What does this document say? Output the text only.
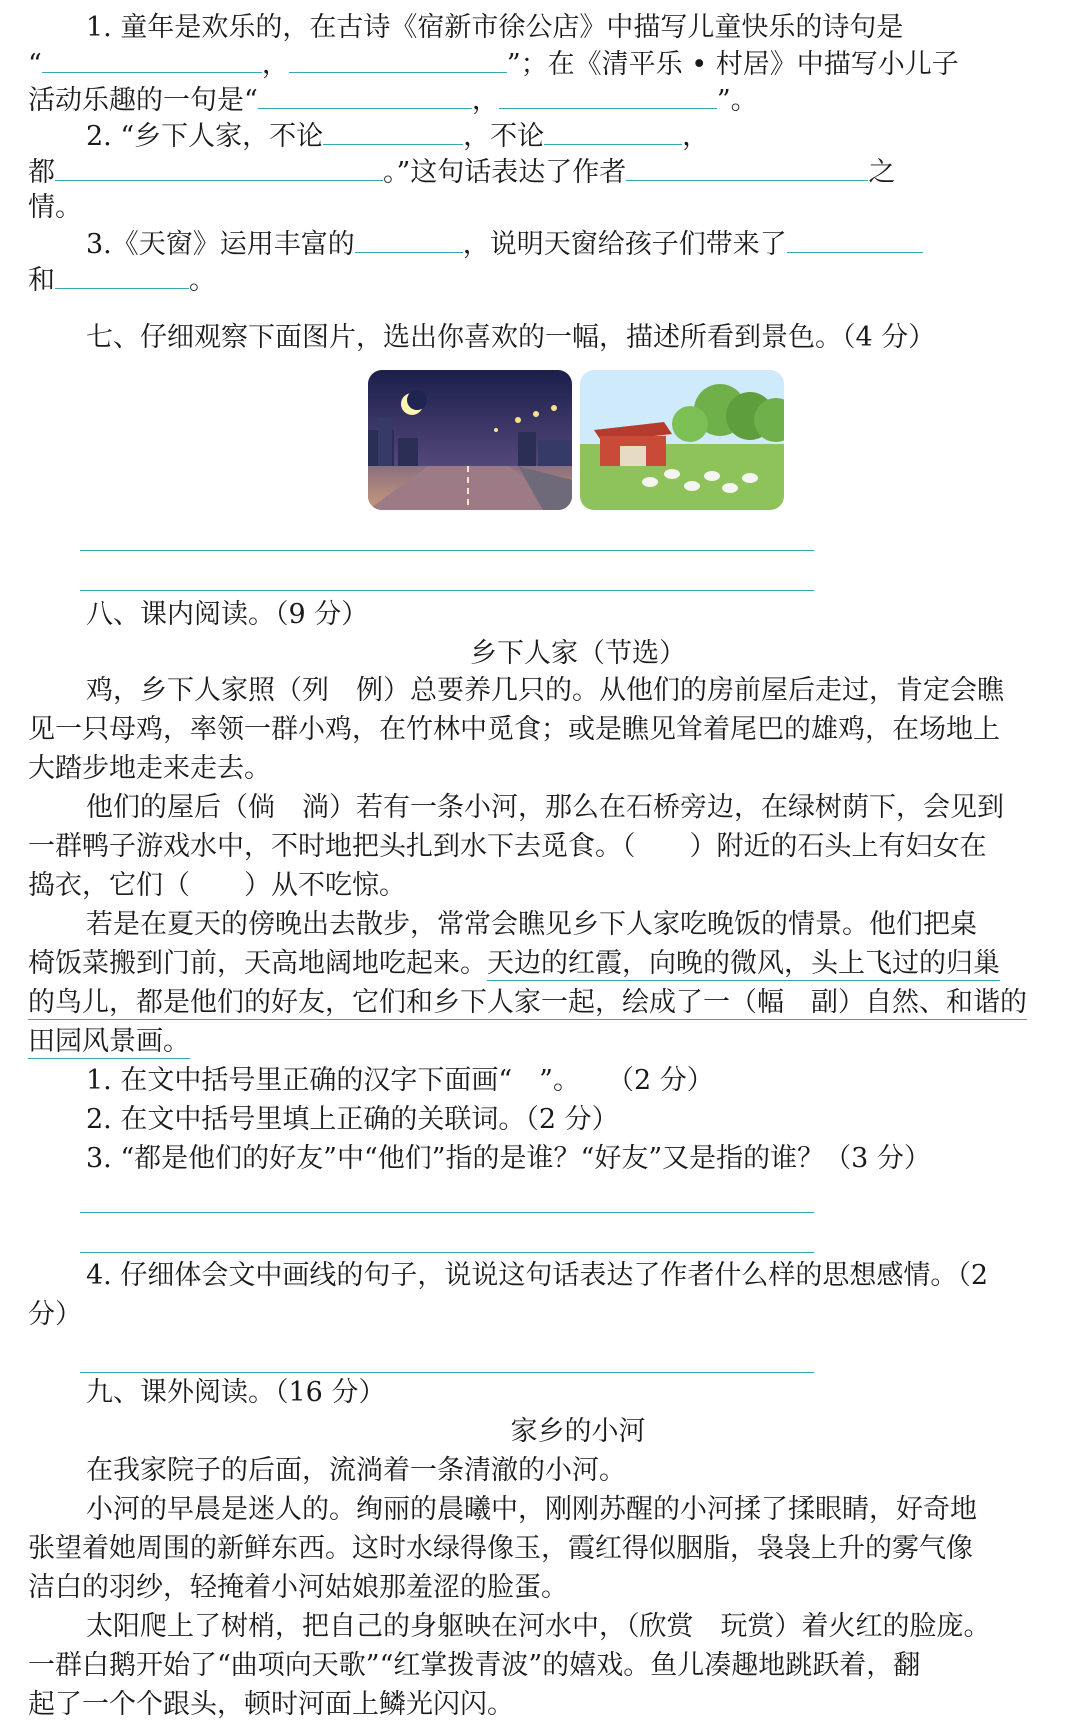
1. 童年是欢乐的，在古诗《宿新市徐公店》中描写儿童快乐的诗句是
“	，	”；在《清平乐 • 村居》中描写小儿子
活动乐趣的一句是“	，	”。
2. “乡下人家，不论	，不论	，
都	。”这句话表达了作者	之
情。
3.《天窗》运用丰富的	，说明天窗给孩子们带来了
和	。
七、仔细观察下面图片，选出你喜欢的一幅，描述所看到景色。（4 分）
八、课内阅读。（9 分）
乡下人家（节选）
鸡，乡下人家照（列　例）总要养几只的。从他们的房前屋后走过，肯定会瞧
见一只母鸡，率领一群小鸡，在竹林中觅食；或是瞧见耸着尾巴的雄鸡，在场地上
大踏步地走来走去。
他们的屋后（倘　淌）若有一条小河，那么在石桥旁边，在绿树荫下，会见到
一群鸭子游戏水中，不时地把头扎到水下去觅食。（　　）附近的石头上有妇女在
捣衣，它们（　　）从不吃惊。
若是在夏天的傍晚出去散步，常常会瞧见乡下人家吃晚饭的情景。他们把桌
椅饭菜搬到门前，天高地阔地吃起来。天边的红霞，向晚的微风，头上飞过的归巢
的鸟儿，都是他们的好友，它们和乡下人家一起，绘成了一（幅　副）自然、和谐的
田园风景画。
1. 在文中括号里正确的汉字下面画“　”。　　（2 分）
2. 在文中括号里填上正确的关联词。（2 分）
3. “都是他们的好友”中“他们”指的是谁？“好友”又是指的谁？（3 分）
4. 仔细体会文中画线的句子，说说这句话表达了作者什么样的思想感情。（2
分）
九、课外阅读。（16 分）
家乡的小河
在我家院子的后面，流淌着一条清澈的小河。
小河的早晨是迷人的。绚丽的晨曦中，刚刚苏醒的小河揉了揉眼睛，好奇地
张望着她周围的新鲜东西。这时水绿得像玉，霞红得似胭脂，袅袅上升的雾气像
洁白的羽纱，轻掩着小河姑娘那羞涩的脸蛋。
太阳爬上了树梢，把自己的身躯映在河水中，（欣赏　玩赏）着火红的脸庞。
一群白鹅开始了“曲项向天歌”“红掌拨青波”的嬉戏。鱼儿凑趣地跳跃着，翻
起了一个个跟头，顿时河面上鳞光闪闪。
